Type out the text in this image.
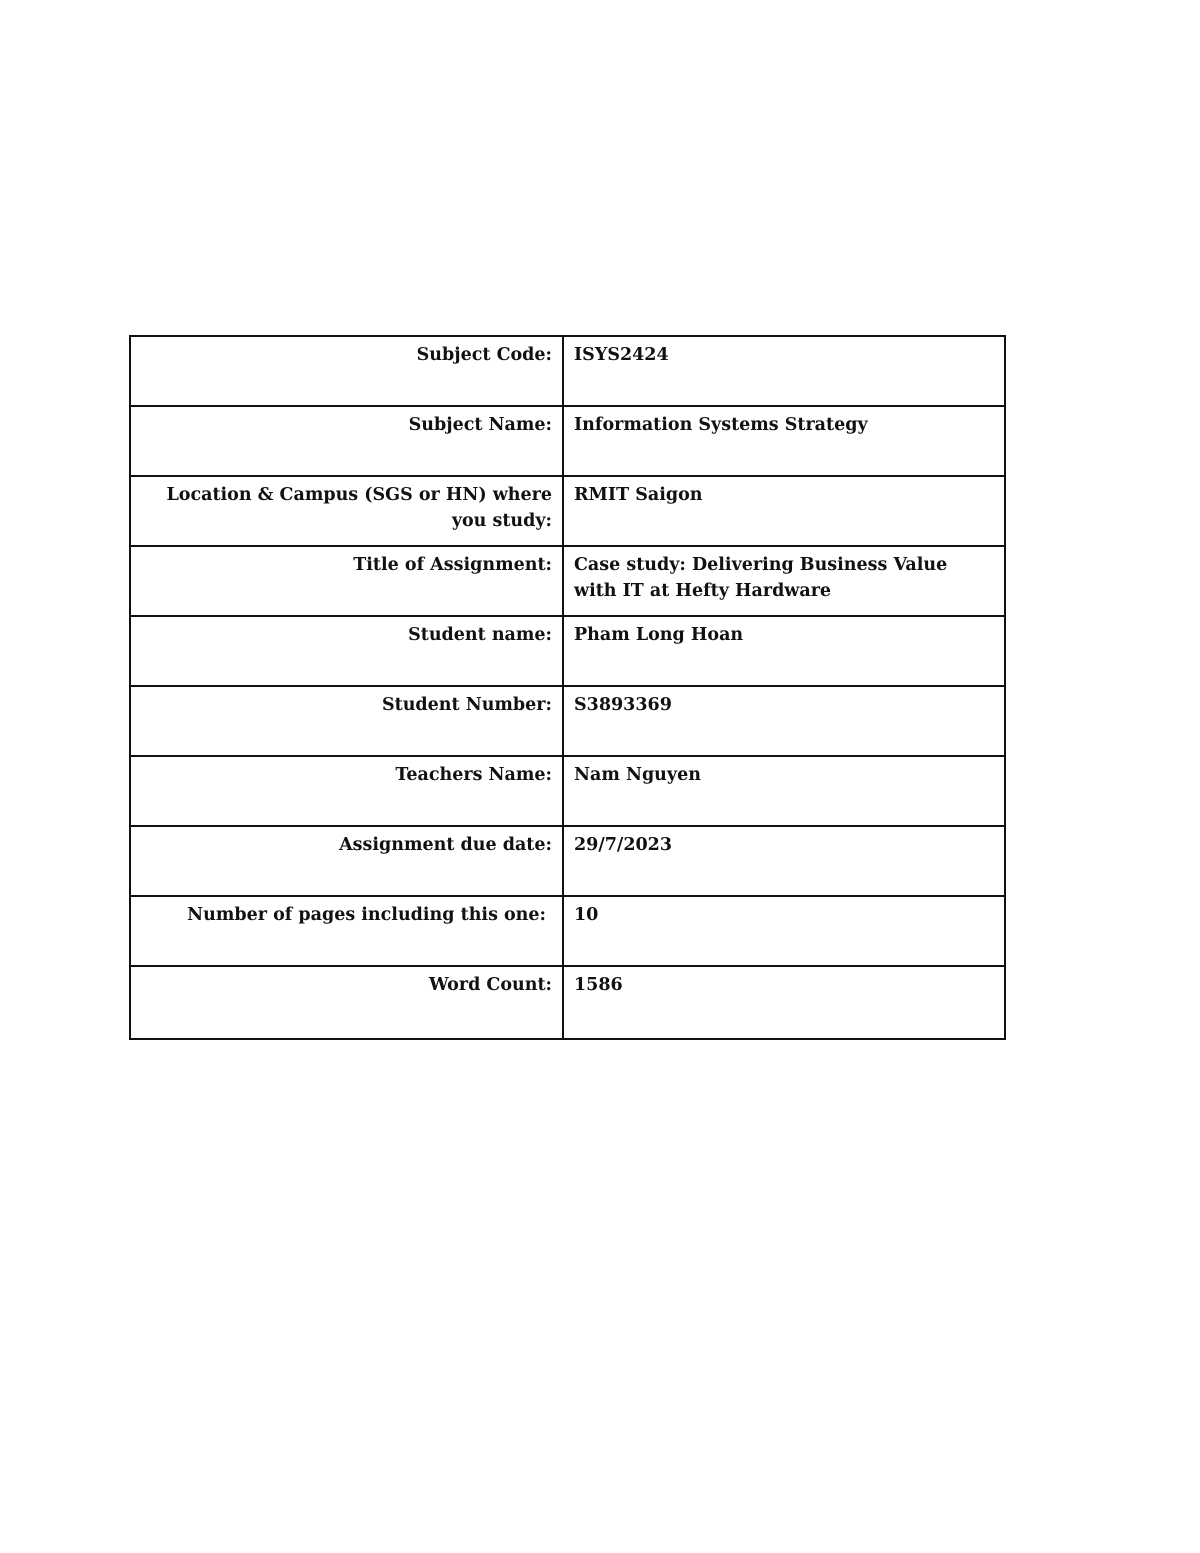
Subject Code:	ISYS2424
Subject Name:	Information Systems Strategy
Location & Campus (SGS or HN) where you study:	RMIT Saigon
Title of Assignment:	Case study: Delivering Business Value with IT at Hefty Hardware
Student name:	Pham Long Hoan
Student Number:	S3893369
Teachers Name:	Nam Nguyen
Assignment due date:	29/7/2023
Number of pages including this one:	10
Word Count:	1586
